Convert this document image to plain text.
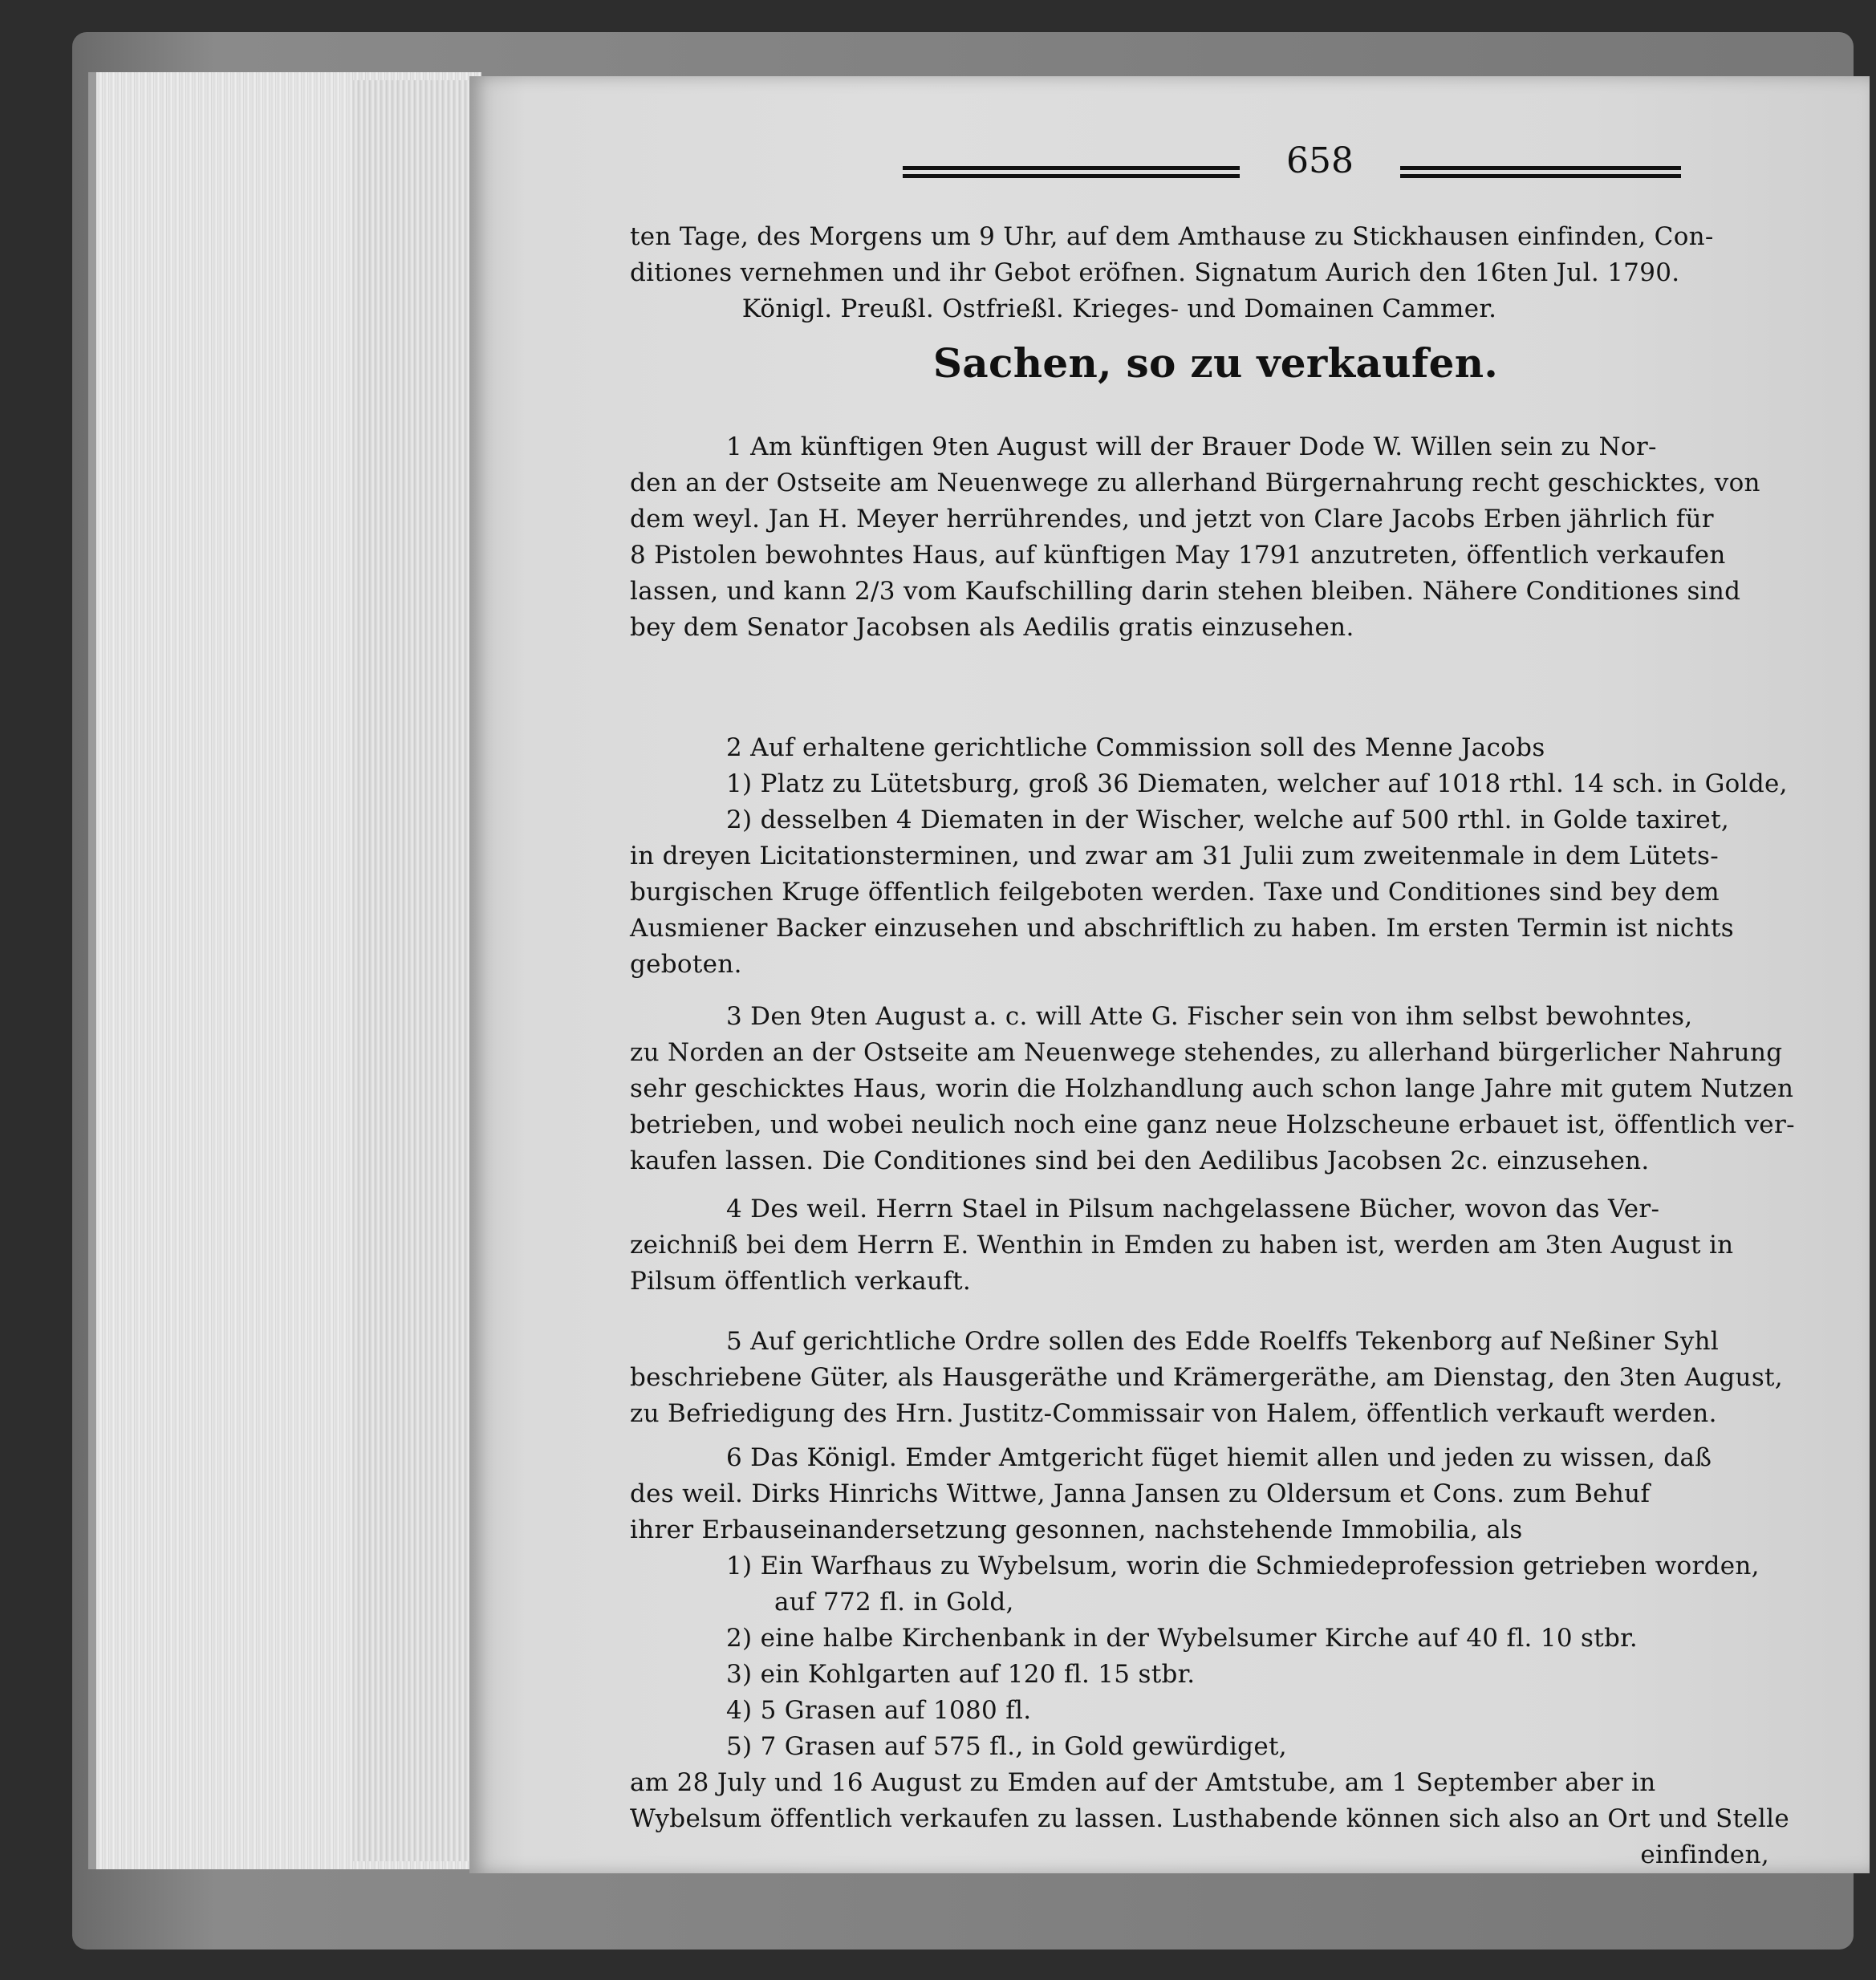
658
ten Tage, des Morgens um 9 Uhr, auf dem Amthause zu Stickhausen einfinden, Con-
ditiones vernehmen und ihr Gebot eröfnen. Signatum Aurich den 16ten Jul. 1790.
Königl. Preußl. Ostfrießl. Krieges- und Domainen Cammer.
Sachen, so zu verkaufen.
1 Am künftigen 9ten August will der Brauer Dode W. Willen sein zu Nor-
den an der Ostseite am Neuenwege zu allerhand Bürgernahrung recht geschicktes, von
dem weyl. Jan H. Meyer herrührendes, und jetzt von Clare Jacobs Erben jährlich für
8 Pistolen bewohntes Haus, auf künftigen May 1791 anzutreten, öffentlich verkaufen
lassen, und kann 2/3 vom Kaufschilling darin stehen bleiben. Nähere Conditiones sind
bey dem Senator Jacobsen als Aedilis gratis einzusehen.
2 Auf erhaltene gerichtliche Commission soll des Menne Jacobs
1) Platz zu Lütetsburg, groß 36 Diematen, welcher auf 1018 rthl. 14 sch. in Golde,
2) desselben 4 Diematen in der Wischer, welche auf 500 rthl. in Golde taxiret,
in dreyen Licitationsterminen, und zwar am 31 Julii zum zweitenmale in dem Lütets-
burgischen Kruge öffentlich feilgeboten werden. Taxe und Conditiones sind bey dem
Ausmiener Backer einzusehen und abschriftlich zu haben. Im ersten Termin ist nichts
geboten.
3 Den 9ten August a. c. will Atte G. Fischer sein von ihm selbst bewohntes,
zu Norden an der Ostseite am Neuenwege stehendes, zu allerhand bürgerlicher Nahrung
sehr geschicktes Haus, worin die Holzhandlung auch schon lange Jahre mit gutem Nutzen
betrieben, und wobei neulich noch eine ganz neue Holzscheune erbauet ist, öffentlich ver-
kaufen lassen. Die Conditiones sind bei den Aedilibus Jacobsen 2c. einzusehen.
4 Des weil. Herrn Stael in Pilsum nachgelassene Bücher, wovon das Ver-
zeichniß bei dem Herrn E. Wenthin in Emden zu haben ist, werden am 3ten August in
Pilsum öffentlich verkauft.
5 Auf gerichtliche Ordre sollen des Edde Roelffs Tekenborg auf Neßiner Syhl
beschriebene Güter, als Hausgeräthe und Krämergeräthe, am Dienstag, den 3ten August,
zu Befriedigung des Hrn. Justitz-Commissair von Halem, öffentlich verkauft werden.
6 Das Königl. Emder Amtgericht füget hiemit allen und jeden zu wissen, daß
des weil. Dirks Hinrichs Wittwe, Janna Jansen zu Oldersum et Cons. zum Behuf
ihrer Erbauseinandersetzung gesonnen, nachstehende Immobilia, als
1) Ein Warfhaus zu Wybelsum, worin die Schmiedeprofession getrieben worden,
auf 772 fl. in Gold,
2) eine halbe Kirchenbank in der Wybelsumer Kirche auf 40 fl. 10 stbr.
3) ein Kohlgarten auf 120 fl. 15 stbr.
4) 5 Grasen auf 1080 fl.
5) 7 Grasen auf 575 fl., in Gold gewürdiget,
am 28 July und 16 August zu Emden auf der Amtstube, am 1 September aber in
Wybelsum öffentlich verkaufen zu lassen. Lusthabende können sich also an Ort und Stelle
einfinden,
